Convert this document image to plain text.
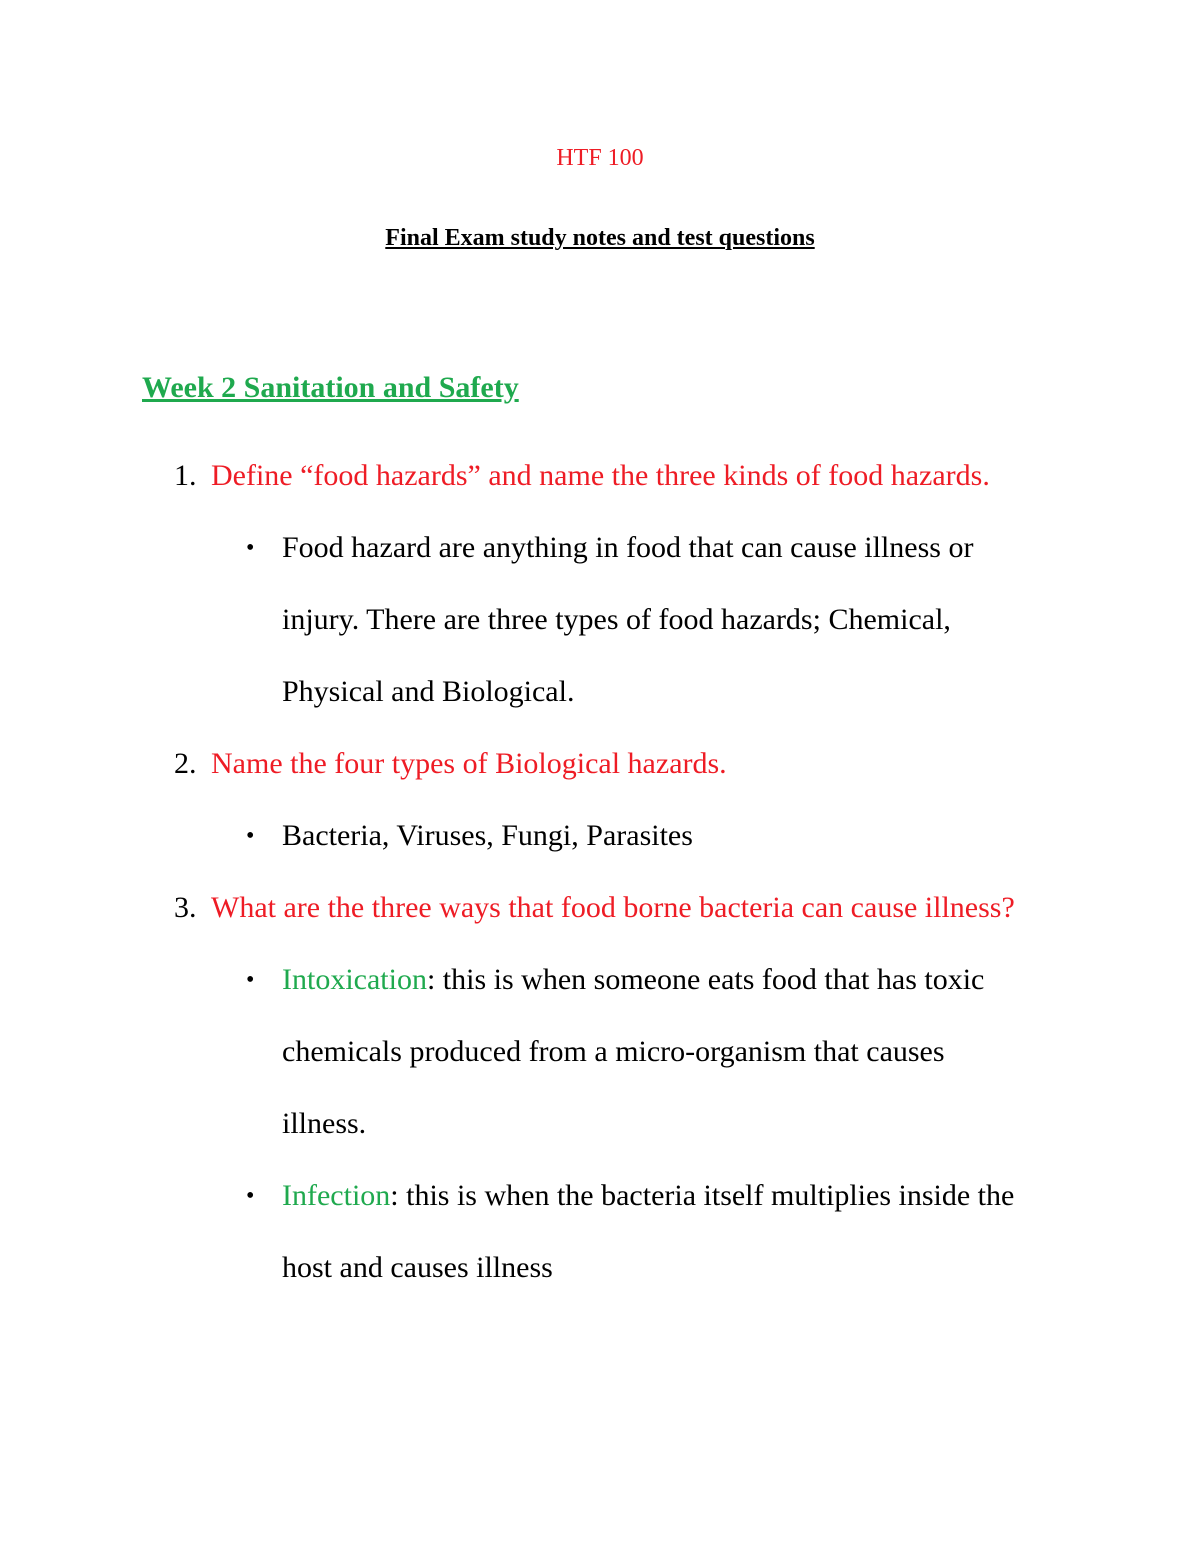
HTF 100
Final Exam study notes and test questions
Week 2 Sanitation and Safety
1. Define “food hazards” and name the three kinds of food hazards.
• Food hazard are anything in food that can cause illness or
injury. There are three types of food hazards; Chemical,
Physical and Biological.
2. Name the four types of Biological hazards.
• Bacteria, Viruses, Fungi, Parasites
3. What are the three ways that food borne bacteria can cause illness?
• Intoxication: this is when someone eats food that has toxic
chemicals produced from a micro-organism that causes
illness.
• Infection: this is when the bacteria itself multiplies inside the
host and causes illness
